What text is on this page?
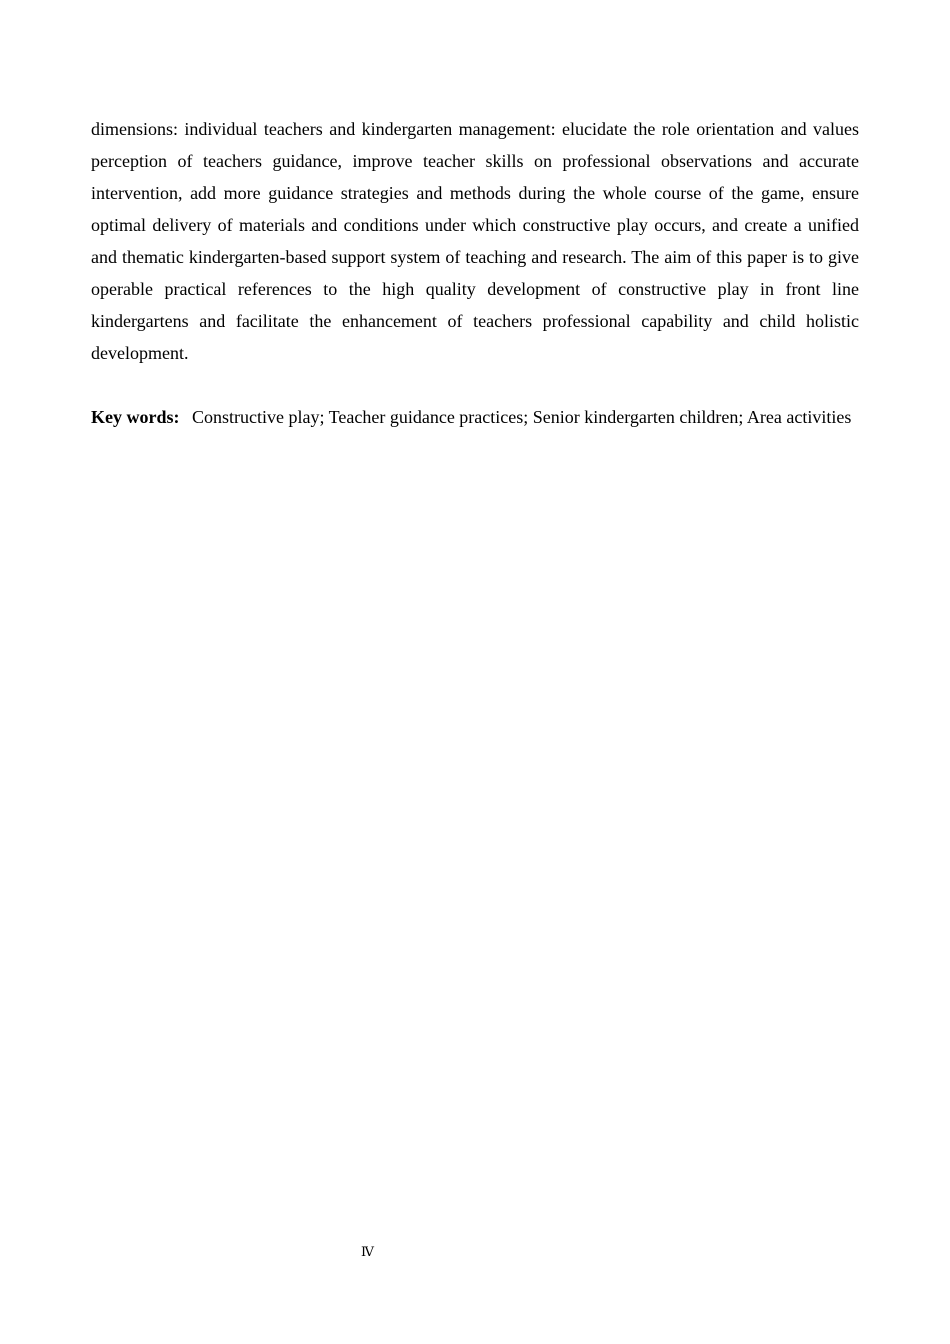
dimensions: individual teachers and kindergarten management: elucidate the role orientation and values perception of teachers guidance, improve teacher skills on professional observations and accurate intervention, add more guidance strategies and methods during the whole course of the game, ensure optimal delivery of materials and conditions under which constructive play occurs, and create a unified and thematic kindergarten-based support system of teaching and research. The aim of this paper is to give operable practical references to the high quality development of constructive play in front line kindergartens and facilitate the enhancement of teachers professional capability and child holistic development.

Key words: Constructive play; Teacher guidance practices; Senior kindergarten children; Area activities

Ⅳ
